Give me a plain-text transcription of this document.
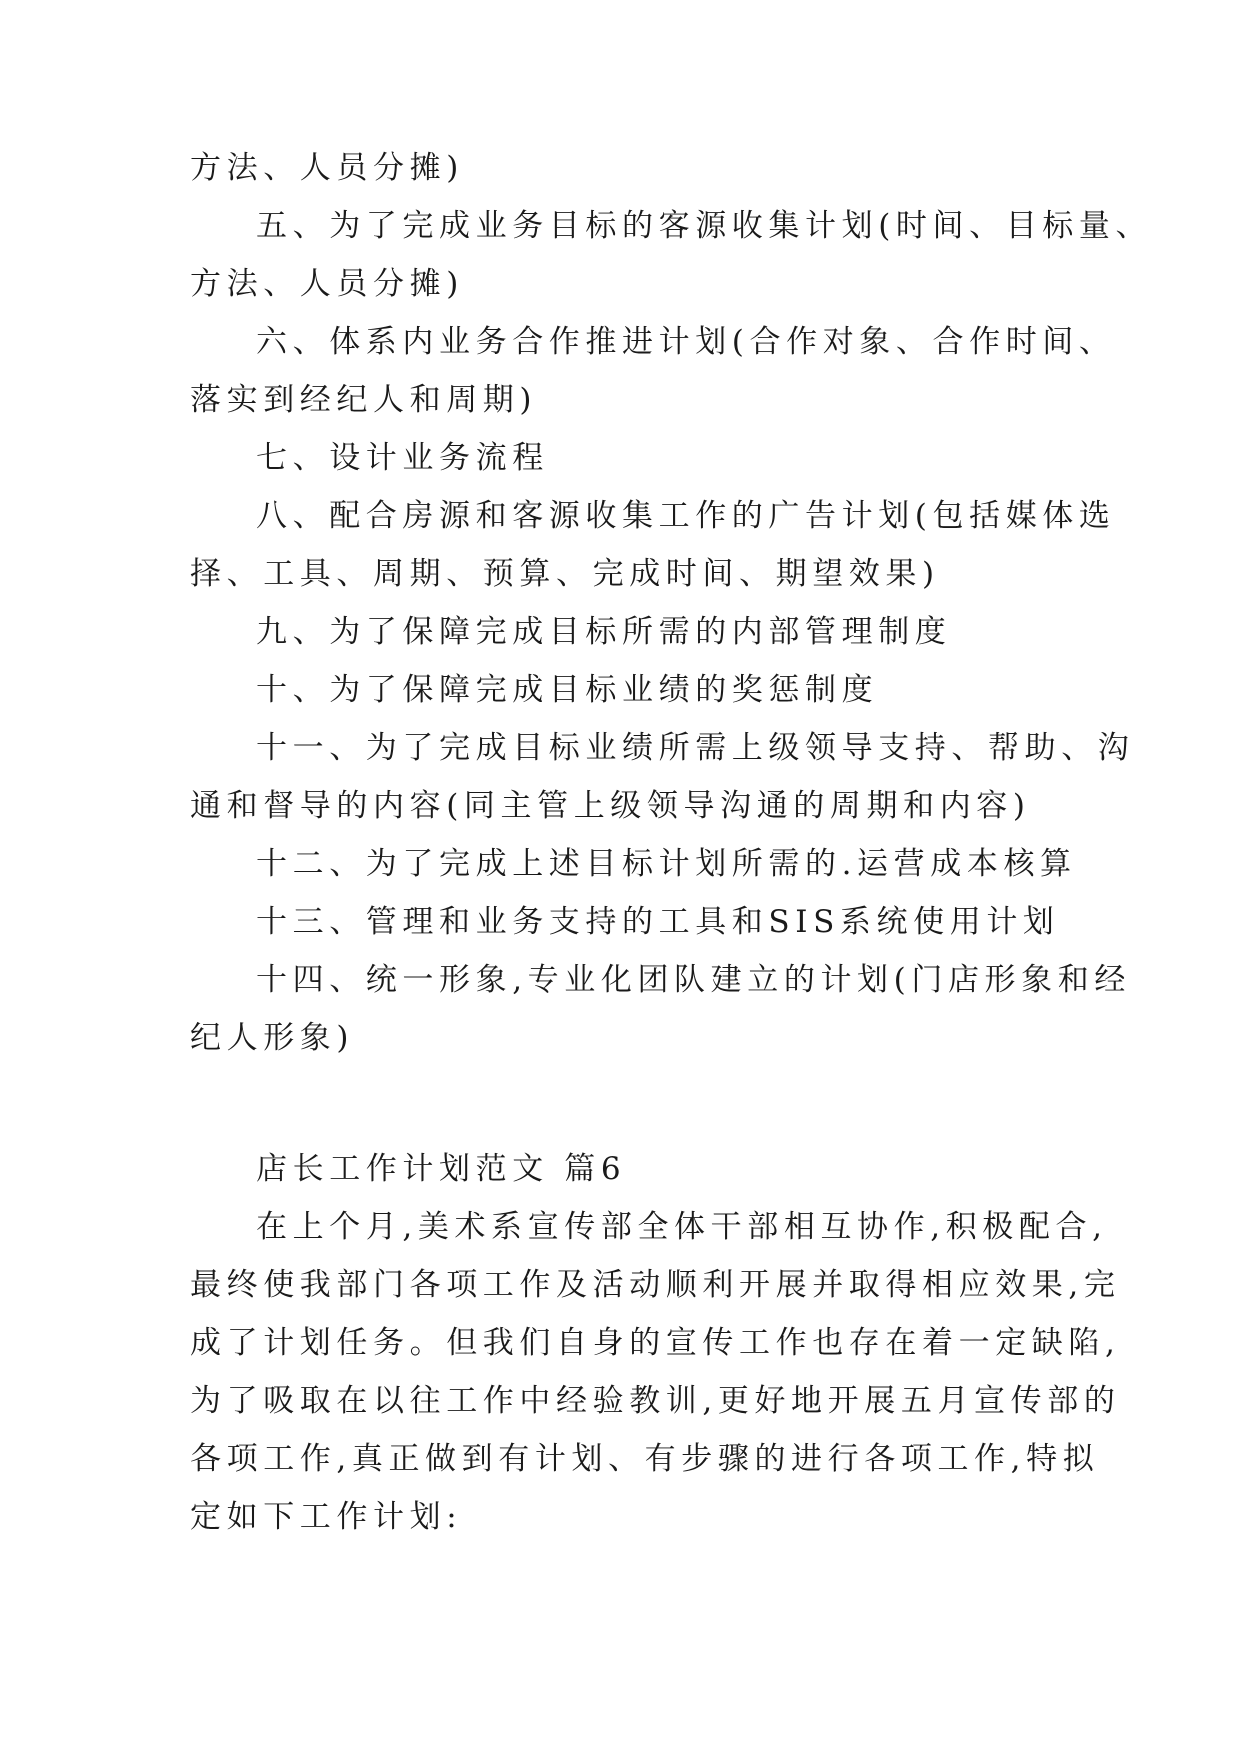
方法、人员分摊)
五、为了完成业务目标的客源收集计划(时间、目标量、
方法、人员分摊)
六、体系内业务合作推进计划(合作对象、合作时间、
落实到经纪人和周期)
七、设计业务流程
八、配合房源和客源收集工作的广告计划(包括媒体选
择、工具、周期、预算、完成时间、期望效果)
九、为了保障完成目标所需的内部管理制度
十、为了保障完成目标业绩的奖惩制度
十一、为了完成目标业绩所需上级领导支持、帮助、沟
通和督导的内容(同主管上级领导沟通的周期和内容)
十二、为了完成上述目标计划所需的.运营成本核算
十三、管理和业务支持的工具和SIS系统使用计划
十四、统一形象,专业化团队建立的计划(门店形象和经
纪人形象)
店长工作计划范文 篇6
在上个月,美术系宣传部全体干部相互协作,积极配合,
最终使我部门各项工作及活动顺利开展并取得相应效果,完
成了计划任务。但我们自身的宣传工作也存在着一定缺陷,
为了吸取在以往工作中经验教训,更好地开展五月宣传部的
各项工作,真正做到有计划、有步骤的进行各项工作,特拟
定如下工作计划:
